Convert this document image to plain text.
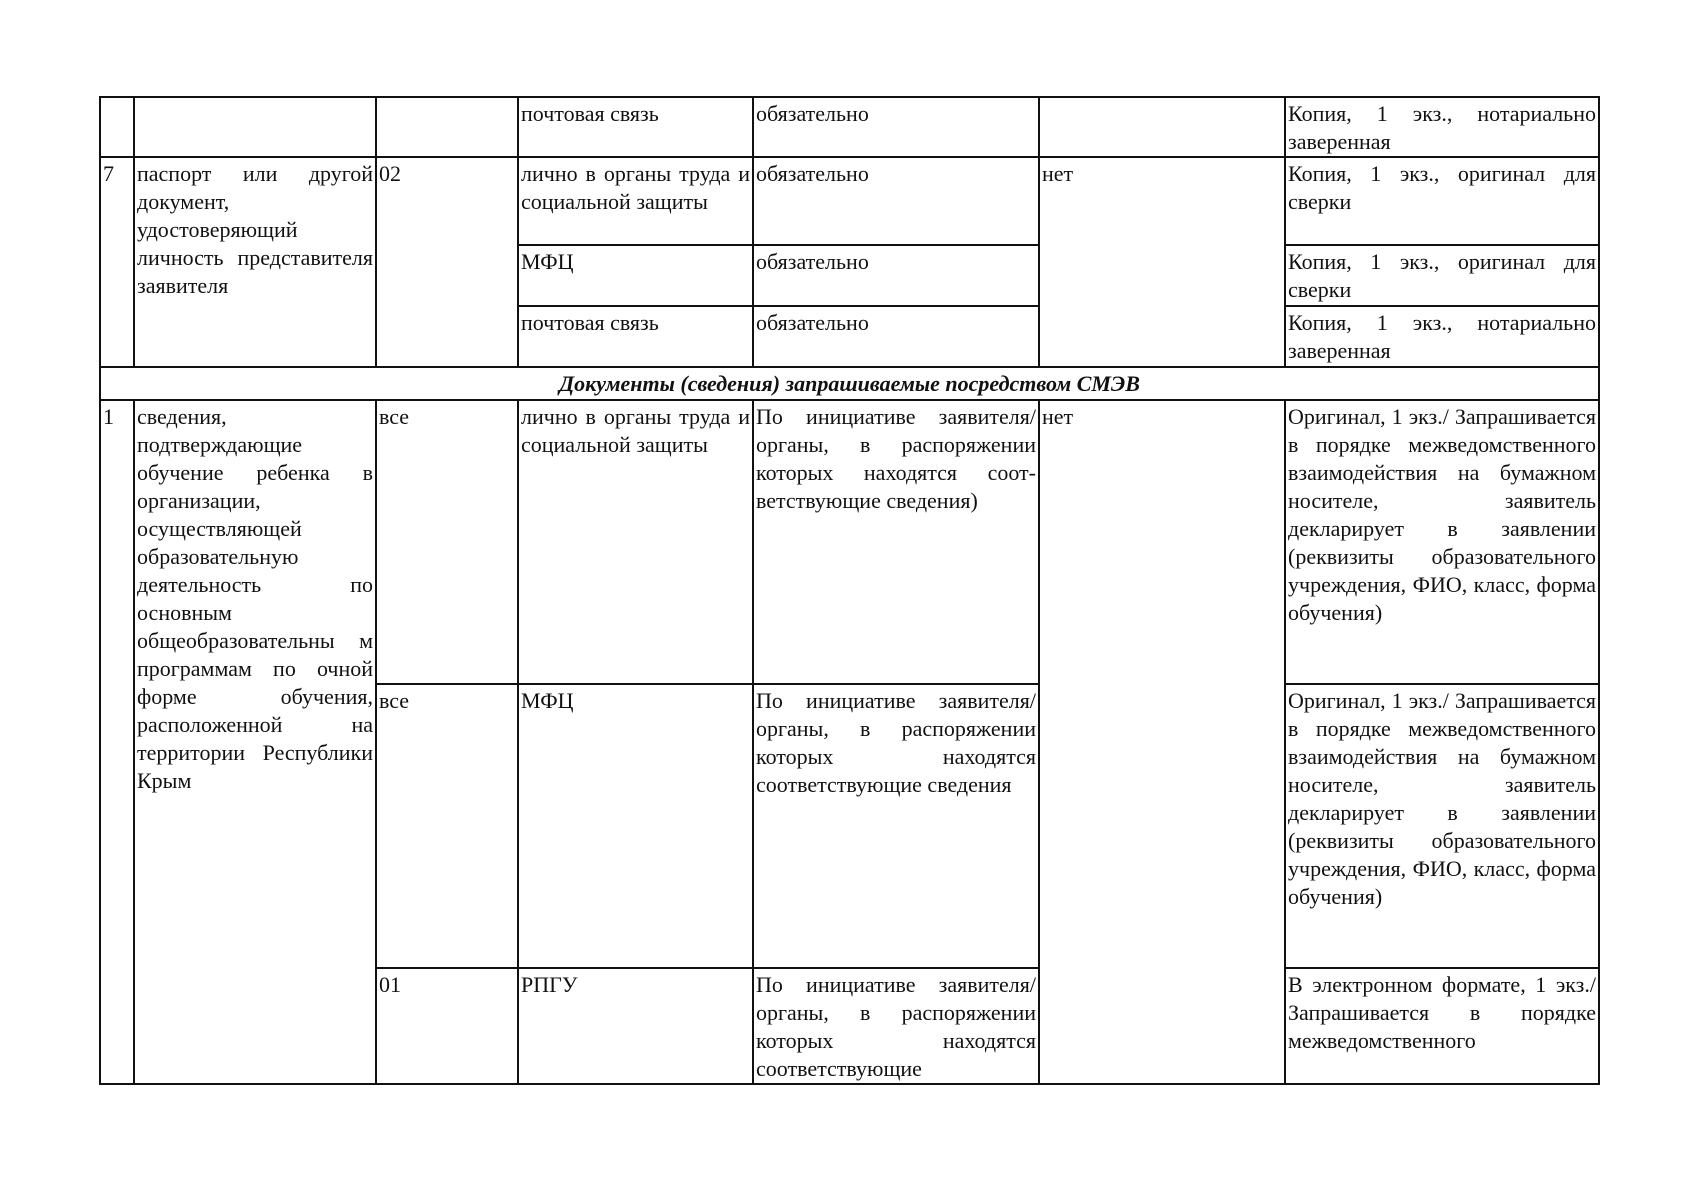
			почтовая связь	обязательно		Копия, 1 экз., нотариально заверенная
7	паспорт или другой документ, удостоверяющий личность представителя заявителя	02	лично в органы труда и социальной защиты	обязательно	нет	Копия, 1 экз., оригинал для сверки
			МФЦ	обязательно		Копия, 1 экз., оригинал для сверки
			почтовая связь	обязательно		Копия, 1 экз., нотариально заверенная
Документы (сведения) запрашиваемые посредством СМЭВ						
1	сведения, подтверждающие обучение ребенка в организации, осуществляющей образовательную деятельность по основным общеобразовательны м программам по очной форме обучения, расположенной на территории Республики Крым	все	лично в органы труда и социальной защиты	По инициативе заявителя/ органы, в распоряжении которых находятся соот-ветствующие сведения)	нет	Оригинал, 1 экз./ Запрашивается в порядке межведомственного взаимодействия на бумажном носителе, заявитель декларирует в заявлении (реквизиты образовательного учреждения, ФИО, класс, форма обучения)
		все	МФЦ	По инициативе заявителя/ органы, в распоряжении которых находятся соответствующие сведения		Оригинал, 1 экз./ Запрашивается в порядке межведомственного взаимодействия на бумажном носителе, заявитель декларирует в заявлении (реквизиты образовательного учреждения, ФИО, класс, форма обучения)
		01	РПГУ	По инициативе заявителя/ органы, в распоряжении которых находятся соответствующие		В электронном формате, 1 экз./ Запрашивается в порядке межведомственного
